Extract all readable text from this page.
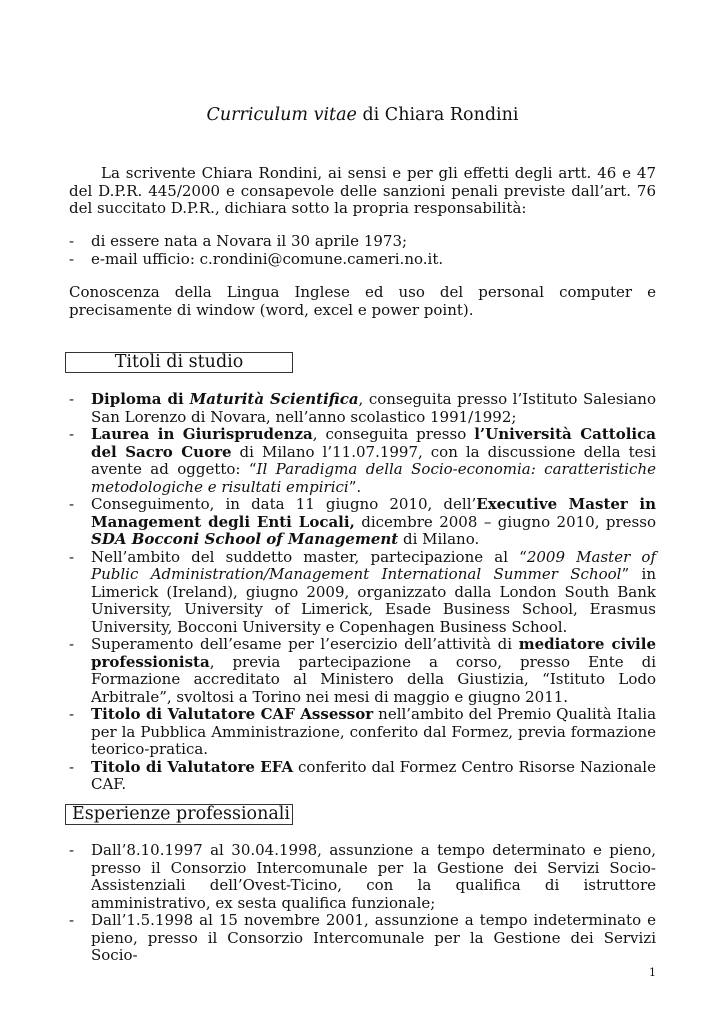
Curriculum vitae di Chiara Rondini

La scrivente Chiara Rondini, ai sensi e per gli effetti degli artt. 46 e 47 del D.P.R. 445/2000 e consapevole delle sanzioni penali previste dall’art. 76 del succitato D.P.R., dichiara sotto la propria responsabilità:

- di essere nata a Novara il 30 aprile 1973;
- e-mail ufficio: c.rondini@comune.cameri.no.it.

Conoscenza della Lingua Inglese ed uso del personal computer e precisamente di window (word, excel e power point).

Titoli di studio
- Diploma di Maturità Scientifica, conseguita presso l’Istituto Salesiano San Lorenzo di Novara, nell’anno scolastico 1991/1992;
- Laurea in Giurisprudenza, conseguita presso l’Università Cattolica del Sacro Cuore di Milano l’11.07.1997, con la discussione della tesi avente ad oggetto: “Il Paradigma della Socio-economia: caratteristiche metodologiche e risultati empirici”.
- Conseguimento, in data 11 giugno 2010, dell’Executive Master in Management degli Enti Locali, dicembre 2008 – giugno 2010, presso SDA Bocconi School of Management di Milano.
- Nell’ambito del suddetto master, partecipazione al “2009 Master of Public Administration/Management International Summer School” in Limerick (Ireland), giugno 2009, organizzato dalla London South Bank University, University of Limerick, Esade Business School, Erasmus University, Bocconi University e Copenhagen Business School.
- Superamento dell’esame per l’esercizio dell’attività di mediatore civile professionista, previa partecipazione a corso, presso Ente di Formazione accreditato al Ministero della Giustizia, “Istituto Lodo Arbitrale”, svoltosi a Torino nei mesi di maggio e giugno 2011.
- Titolo di Valutatore CAF Assessor nell’ambito del Premio Qualità Italia per la Pubblica Amministrazione, conferito dal Formez, previa formazione teorico-pratica.
- Titolo di Valutatore EFA conferito dal Formez Centro Risorse Nazionale CAF.
Esperienze professionali
- Dall’8.10.1997 al 30.04.1998, assunzione a tempo determinato e pieno, presso il Consorzio Intercomunale per la Gestione dei Servizi Socio-Assistenziali dell’Ovest-Ticino, con la qualifica di istruttore amministrativo, ex sesta qualifica funzionale;
- Dall’1.5.1998 al 15 novembre 2001, assunzione a tempo indeterminato e pieno, presso il Consorzio Intercomunale per la Gestione dei Servizi Socio-
1
